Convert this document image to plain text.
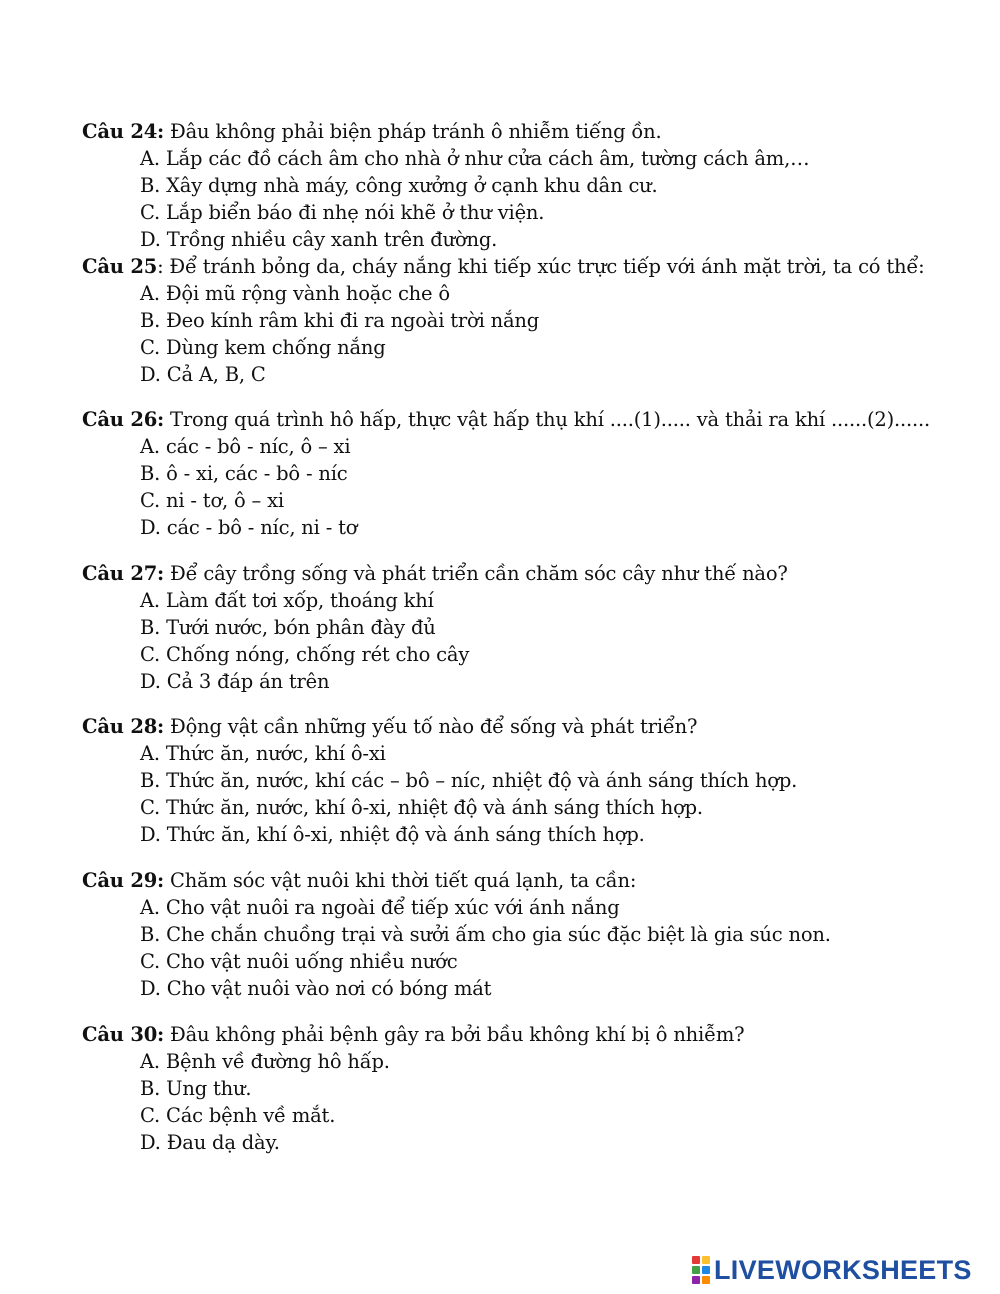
Câu 24: Đâu không phải biện pháp tránh ô nhiễm tiếng ồn.
A. Lắp các đồ cách âm cho nhà ở như cửa cách âm, tường cách âm,…
B. Xây dựng nhà máy, công xưởng ở cạnh khu dân cư.
C. Lắp biển báo đi nhẹ nói khẽ ở thư viện.
D. Trồng nhiều cây xanh trên đường.
Câu 25: Để tránh bỏng da, cháy nắng khi tiếp xúc trực tiếp với ánh mặt trời, ta có thể:
A. Đội mũ rộng vành hoặc che ô
B. Đeo kính râm khi đi ra ngoài trời nắng
C. Dùng kem chống nắng
D. Cả A, B, C
Câu 26: Trong quá trình hô hấp, thực vật hấp thụ khí ....(1)..... và thải ra khí ......(2)......
A. các - bô - níc, ô – xi
B. ô - xi, các - bô - níc
C. ni - tơ, ô – xi
D. các - bô - níc, ni - tơ
Câu 27: Để cây trồng sống và phát triển cần chăm sóc cây như thế nào?
A. Làm đất tơi xốp, thoáng khí
B. Tưới nước, bón phân đày đủ
C. Chống nóng, chống rét cho cây
D. Cả 3 đáp án trên
Câu 28: Động vật cần những yếu tố nào để sống và phát triển?
A. Thức ăn, nước, khí ô-xi
B. Thức ăn, nước, khí các – bô – níc, nhiệt độ và ánh sáng thích hợp.
C. Thức ăn, nước, khí ô-xi, nhiệt độ và ánh sáng thích hợp.
D. Thức ăn, khí ô-xi, nhiệt độ và ánh sáng thích hợp.
Câu 29: Chăm sóc vật nuôi khi thời tiết quá lạnh, ta cần:
A. Cho vật nuôi ra ngoài để tiếp xúc với ánh nắng
B. Che chắn chuồng trại và sưởi ấm cho gia súc đặc biệt là gia súc non.
C. Cho vật nuôi uống nhiều nước
D. Cho vật nuôi vào nơi có bóng mát
Câu 30: Đâu không phải bệnh gây ra bởi bầu không khí bị ô nhiễm?
A. Bệnh về đường hô hấp.
B. Ung thư.
C. Các bệnh về mắt.
D. Đau dạ dày.
LIVEWORKSHEETS
